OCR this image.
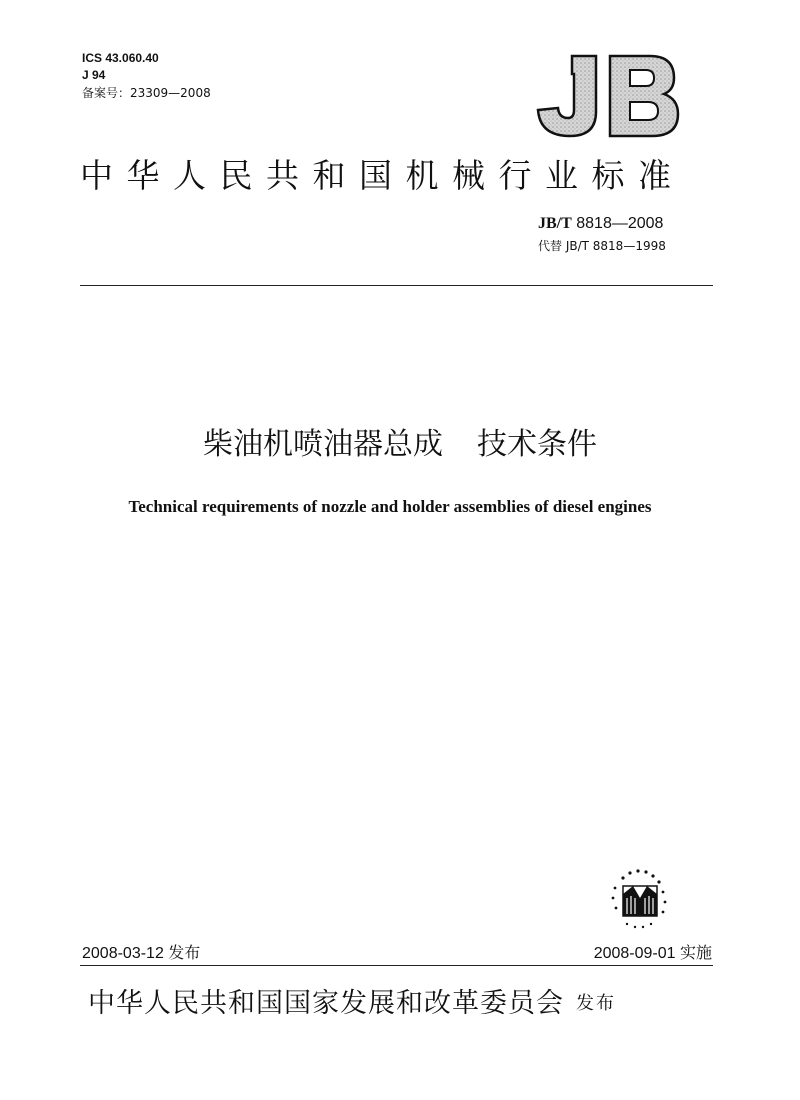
ICS 43.060.40
J 94
备案号：23309—2008
中华人民共和国机械行业标准
JB/T 8818—2008
代替 JB/T 8818—1998
柴油机喷油器总成 技术条件
Technical requirements of nozzle and holder assemblies of diesel engines
2008-03-12 发布	2008-09-01 实施
中华人民共和国国家发展和改革委员会 发布
